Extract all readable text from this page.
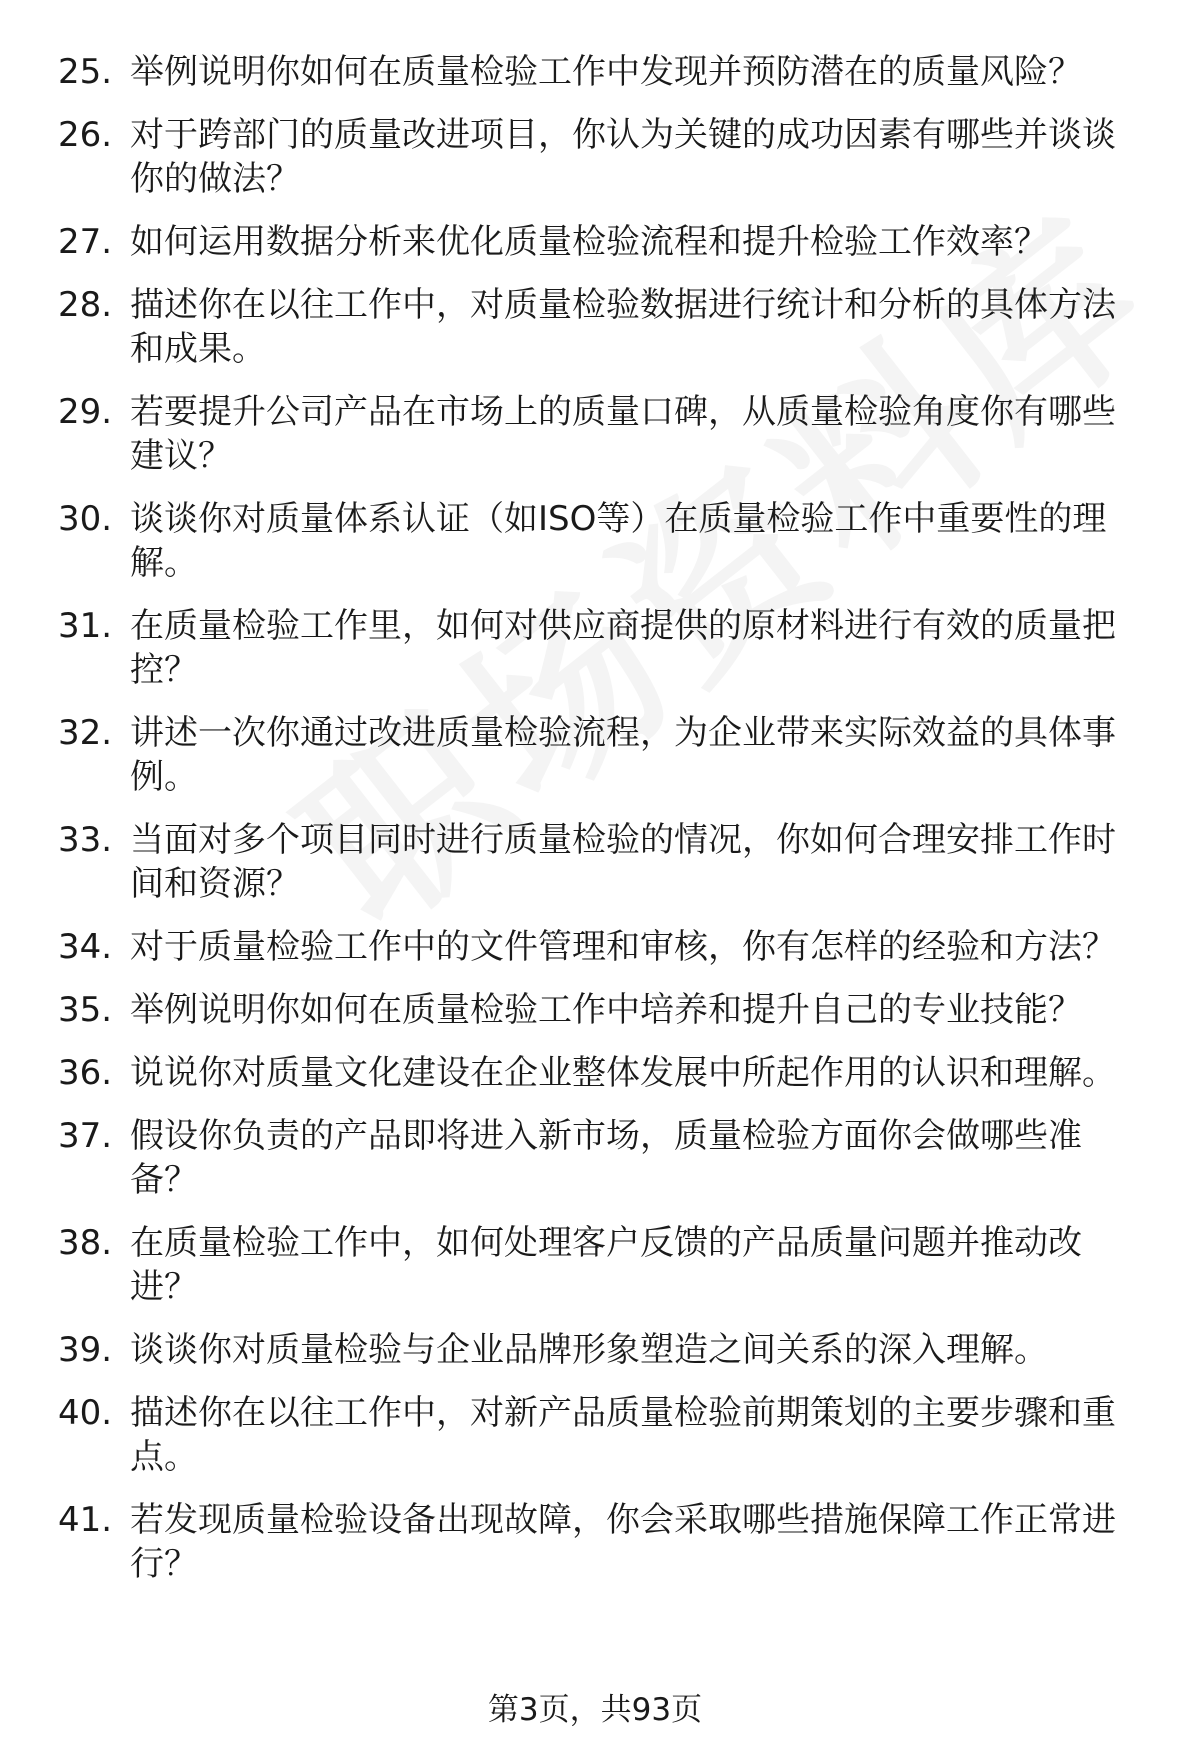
25. 举例说明你如何在质量检验工作中发现并预防潜在的质量风险？
26. 对于跨部门的质量改进项目，你认为关键的成功因素有哪些并谈谈你的做法？
27. 如何运用数据分析来优化质量检验流程和提升检验工作效率？
28. 描述你在以往工作中，对质量检验数据进行统计和分析的具体方法和成果。
29. 若要提升公司产品在市场上的质量口碑，从质量检验角度你有哪些建议？
30. 谈谈你对质量体系认证（如ISO等）在质量检验工作中重要性的理解。
31. 在质量检验工作里，如何对供应商提供的原材料进行有效的质量把控？
32. 讲述一次你通过改进质量检验流程，为企业带来实际效益的具体事例。
33. 当面对多个项目同时进行质量检验的情况，你如何合理安排工作时间和资源？
34. 对于质量检验工作中的文件管理和审核，你有怎样的经验和方法？
35. 举例说明你如何在质量检验工作中培养和提升自己的专业技能？
36. 说说你对质量文化建设在企业整体发展中所起作用的认识和理解。
37. 假设你负责的产品即将进入新市场，质量检验方面你会做哪些准备？
38. 在质量检验工作中，如何处理客户反馈的产品质量问题并推动改进？
39. 谈谈你对质量检验与企业品牌形象塑造之间关系的深入理解。
40. 描述你在以往工作中，对新产品质量检验前期策划的主要步骤和重点。
41. 若发现质量检验设备出现故障，你会采取哪些措施保障工作正常进行？
第3页，共93页
